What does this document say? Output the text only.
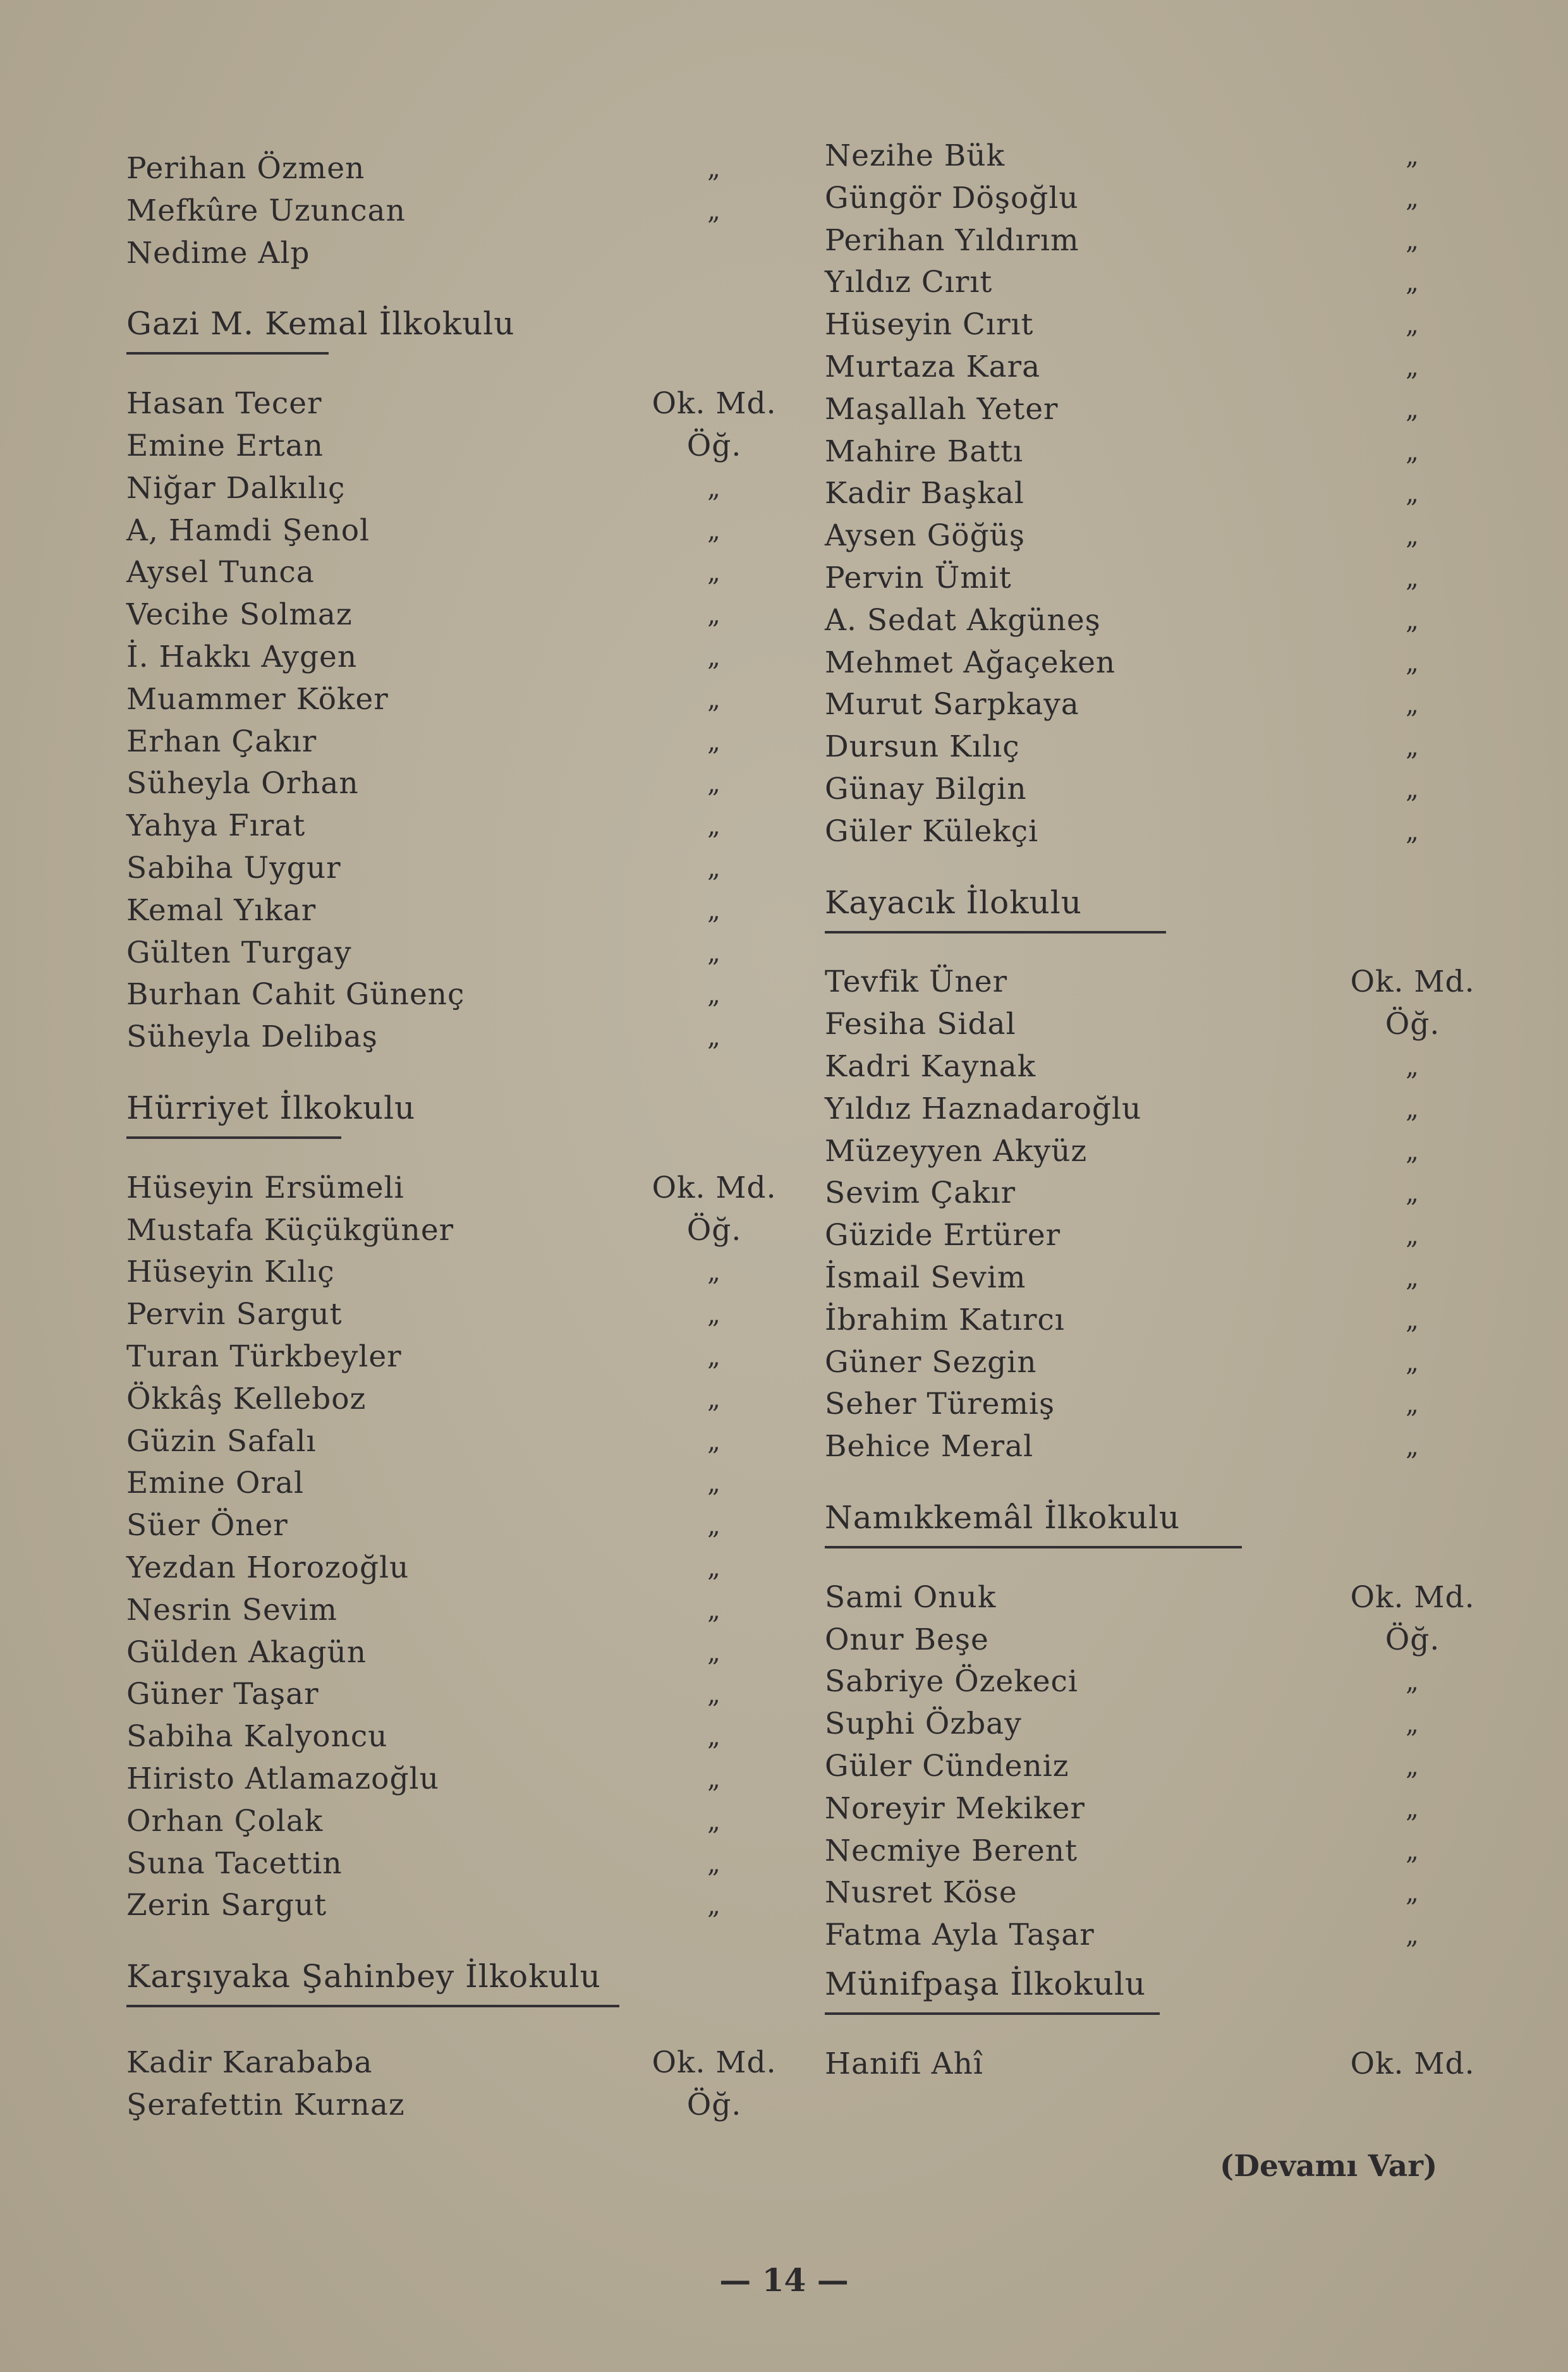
Perihan Özmen	„
Mefkûre Uzuncan	„
Nedime Alp
Gazi M. Kemal İlkokulu
Hasan Tecer	Ok. Md.
Emine Ertan	Öğ.
Niğar Dalkılıç	„
A, Hamdi Şenol	„
Aysel Tunca	„
Vecihe Solmaz	„
İ. Hakkı Aygen	„
Muammer Köker	„
Erhan Çakır	„
Süheyla Orhan	„
Yahya Fırat	„
Sabiha Uygur	„
Kemal Yıkar	„
Gülten Turgay	„
Burhan Cahit Günenç	„
Süheyla Delibaş	„
Hürriyet İlkokulu
Hüseyin Ersümeli	Ok. Md.
Mustafa Küçükgüner	Öğ.
Hüseyin Kılıç	„
Pervin Sargut	„
Turan Türkbeyler	„
Ökkâş Kelleboz	„
Güzin Safalı	„
Emine Oral	„
Süer Öner	„
Yezdan Horozoğlu	„
Nesrin Sevim	„
Gülden Akagün	„
Güner Taşar	„
Sabiha Kalyoncu	„
Hiristo Atlamazoğlu	„
Orhan Çolak	„
Suna Tacettin	„
Zerin Sargut	„
Karşıyaka Şahinbey İlkokulu
Kadir Karababa	Ok. Md.
Şerafettin Kurnaz	Öğ.
Nezihe Bük	„
Güngör Döşoğlu	„
Perihan Yıldırım	„
Yıldız Cırıt	„
Hüseyin Cırıt	„
Murtaza Kara	„
Maşallah Yeter	„
Mahire Battı	„
Kadir Başkal	„
Aysen Göğüş	„
Pervin Ümit	„
A. Sedat Akgüneş	„
Mehmet Ağaçeken	„
Murut Sarpkaya	„
Dursun Kılıç	„
Günay Bilgin	„
Güler Külekçi	„
Kayacık İlokulu
Tevfik Üner	Ok. Md.
Fesiha Sidal	Öğ.
Kadri Kaynak	„
Yıldız Haznadaroğlu	„
Müzeyyen Akyüz	„
Sevim Çakır	„
Güzide Ertürer	„
İsmail Sevim	„
İbrahim Katırcı	„
Güner Sezgin	„
Seher Türemiş	„
Behice Meral	„
Namıkkemâl İlkokulu
Sami Onuk	Ok. Md.
Onur Beşe	Öğ.
Sabriye Özekeci	„
Suphi Özbay	„
Güler Cündeniz	„
Noreyir Mekiker	„
Necmiye Berent	„
Nusret Köse	„
Fatma Ayla Taşar	„
Münifpaşa İlkokulu
Hanifi Ahî	Ok. Md.
(Devamı Var)
— 14 —
